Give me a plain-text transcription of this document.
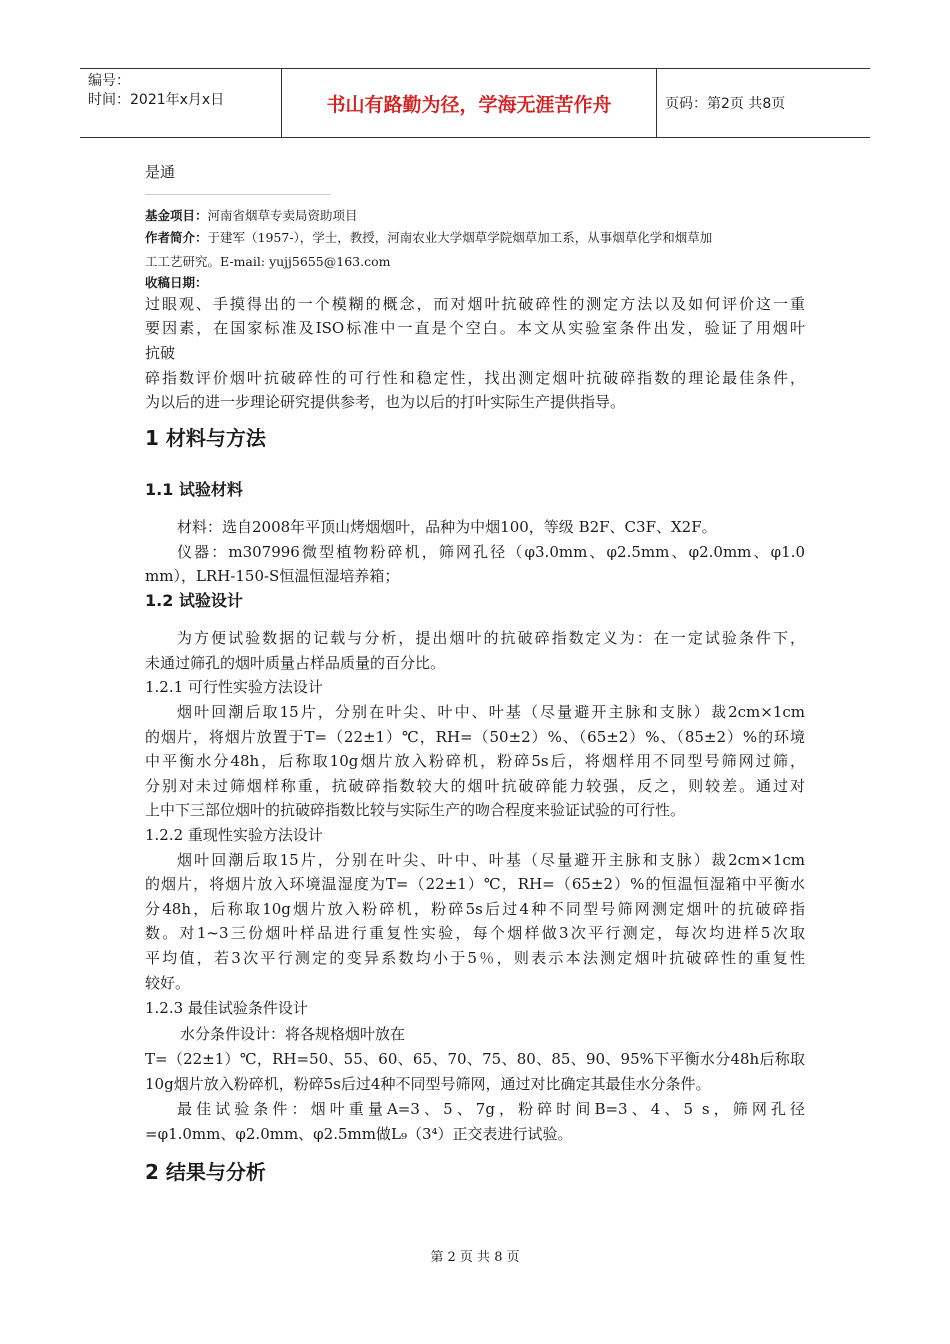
编号：
时间：2021年x月x日	书山有路勤为径，学海无涯苦作舟	页码：第2页 共8页
是通
基金项目：河南省烟草专卖局资助项目
作者简介：于建军（1957-），学士，教授，河南农业大学烟草学院烟草加工系，从事烟草化学和烟草加
工工艺研究。E-mail: yujj5655@163.com
收稿日期：
过眼观、手摸得出的一个模糊的概念，而对烟叶抗破碎性的测定方法以及如何评价这一重
要因素，在国家标准及ISO标准中一直是个空白。本文从实验室条件出发，验证了用烟叶
抗破
碎指数评价烟叶抗破碎性的可行性和稳定性，找出测定烟叶抗破碎指数的理论最佳条件，
为以后的进一步理论研究提供参考，也为以后的打叶实际生产提供指导。
1 材料与方法
1.1 试验材料
材料：选自2008年平顶山烤烟烟叶，品种为中烟100，等级 B2F、C3F、X2F。
仪器：m307996微型植物粉碎机，筛网孔径（φ3.0mm、φ2.5mm、φ2.0mm、φ1.0
mm），LRH-150-S恒温恒湿培养箱；
1.2 试验设计
为方便试验数据的记载与分析，提出烟叶的抗破碎指数定义为：在一定试验条件下，
未通过筛孔的烟叶质量占样品质量的百分比。
1.2.1 可行性实验方法设计
烟叶回潮后取15片，分别在叶尖、叶中、叶基（尽量避开主脉和支脉）裁2cm×1cm
的烟片，将烟片放置于T=（22±1）℃，RH=（50±2）%、（65±2）%、（85±2）%的环境
中平衡水分48h，后称取10g烟片放入粉碎机，粉碎5s后，将烟样用不同型号筛网过筛，
分别对未过筛烟样称重，抗破碎指数较大的烟叶抗破碎能力较强，反之，则较差。通过对
上中下三部位烟叶的抗破碎指数比较与实际生产的吻合程度来验证试验的可行性。
1.2.2 重现性实验方法设计
烟叶回潮后取15片，分别在叶尖、叶中、叶基（尽量避开主脉和支脉）裁2cm×1cm
的烟片，将烟片放入环境温湿度为T=（22±1）℃，RH=（65±2）%的恒温恒湿箱中平衡水
分48h，后称取10g烟片放入粉碎机，粉碎5s后过4种不同型号筛网测定烟叶的抗破碎指
数。对1~3三份烟叶样品进行重复性实验，每个烟样做3次平行测定，每次均进样5次取
平均值，若3次平行测定的变异系数均小于5％，则表示本法测定烟叶抗破碎性的重复性
较好。
1.2.3 最佳试验条件设计
水分条件设计：将各规格烟叶放在
T=（22±1）℃，RH=50、55、60、65、70、75、80、85、90、95%下平衡水分48h后称取
10g烟片放入粉碎机，粉碎5s后过4种不同型号筛网，通过对比确定其最佳水分条件。
最佳试验条件：烟叶重量A=3、5、7g，粉碎时间B=3、4、5 s，筛网孔径
=φ1.0mm、φ2.0mm、φ2.5mm做L₉（3⁴）正交表进行试验。
2 结果与分析
第 2 页 共 8 页
